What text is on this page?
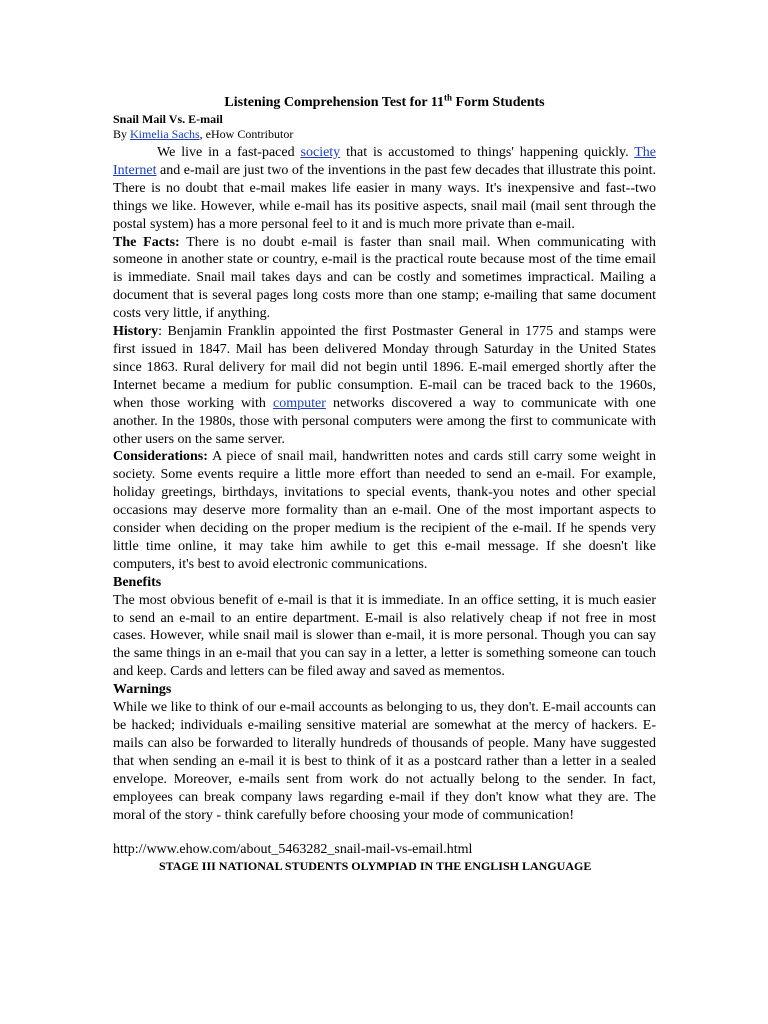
Listening Comprehension Test for 11th Form Students

Snail Mail Vs. E-mail

By Kimelia Sachs, eHow Contributor

We live in a fast-paced society that is accustomed to things' happening quickly. The Internet and e-mail are just two of the inventions in the past few decades that illustrate this point. There is no doubt that e-mail makes life easier in many ways. It's inexpensive and fast--two things we like. However, while e-mail has its positive aspects, snail mail (mail sent through the postal system) has a more personal feel to it and is much more private than e-mail.

The Facts: There is no doubt e-mail is faster than snail mail. When communicating with someone in another state or country, e-mail is the practical route because most of the time email is immediate. Snail mail takes days and can be costly and sometimes impractical. Mailing a document that is several pages long costs more than one stamp; e-mailing that same document costs very little, if anything.

History: Benjamin Franklin appointed the first Postmaster General in 1775 and stamps were first issued in 1847. Mail has been delivered Monday through Saturday in the United States since 1863. Rural delivery for mail did not begin until 1896. E-mail emerged shortly after the Internet became a medium for public consumption. E-mail can be traced back to the 1960s, when those working with computer networks discovered a way to communicate with one another. In the 1980s, those with personal computers were among the first to communicate with other users on the same server.

Considerations: A piece of snail mail, handwritten notes and cards still carry some weight in society. Some events require a little more effort than needed to send an e-mail. For example, holiday greetings, birthdays, invitations to special events, thank-you notes and other special occasions may deserve more formality than an e-mail. One of the most important aspects to consider when deciding on the proper medium is the recipient of the e-mail. If he spends very little time online, it may take him awhile to get this e-mail message. If she doesn't like computers, it's best to avoid electronic communications.

Benefits

The most obvious benefit of e-mail is that it is immediate. In an office setting, it is much easier to send an e-mail to an entire department. E-mail is also relatively cheap if not free in most cases. However, while snail mail is slower than e-mail, it is more personal. Though you can say the same things in an e-mail that you can say in a letter, a letter is something someone can touch and keep. Cards and letters can be filed away and saved as mementos.

Warnings

While we like to think of our e-mail accounts as belonging to us, they don't. E-mail accounts can be hacked; individuals e-mailing sensitive material are somewhat at the mercy of hackers. E-mails can also be forwarded to literally hundreds of thousands of people. Many have suggested that when sending an e-mail it is best to think of it as a postcard rather than a letter in a sealed envelope. Moreover, e-mails sent from work do not actually belong to the sender. In fact, employees can break company laws regarding e-mail if they don't know what they are. The moral of the story - think carefully before choosing your mode of communication!

http://www.ehow.com/about_5463282_snail-mail-vs-email.html

STAGE III NATIONAL STUDENTS OLYMPIAD IN THE ENGLISH LANGUAGE
